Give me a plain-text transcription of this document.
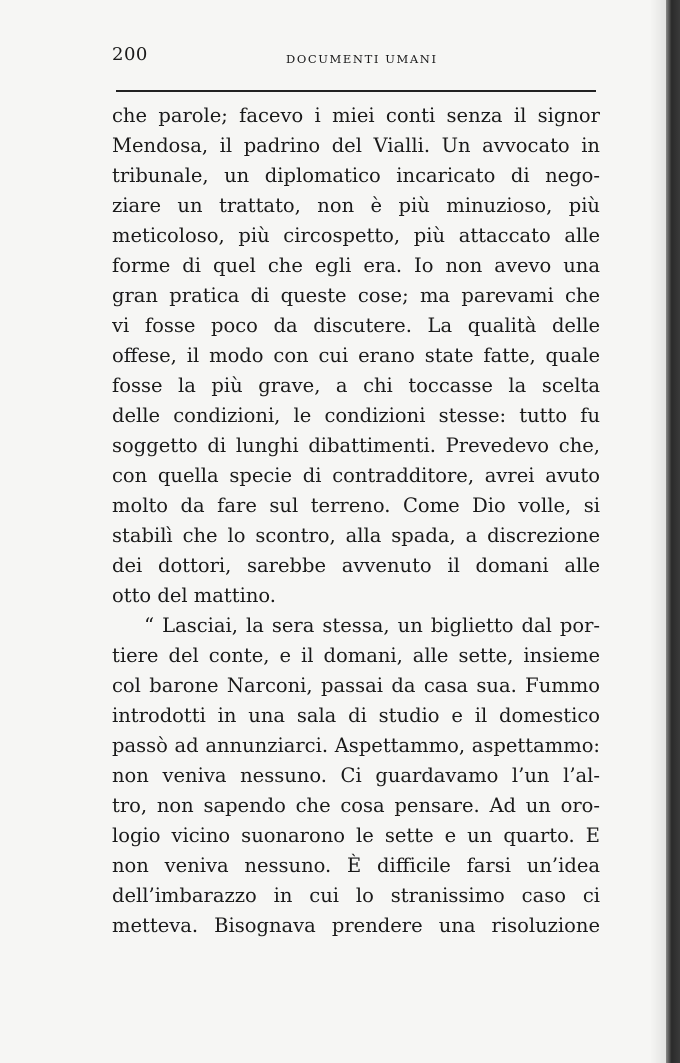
200	DOCUMENTI UMANI
che parole; facevo i miei conti senza il signor
Mendosa, il padrino del Vialli. Un avvocato in
tribunale, un diplomatico incaricato di nego-
ziare un trattato, non è più minuzioso, più
meticoloso, più circospetto, più attaccato alle
forme di quel che egli era. Io non avevo una
gran pratica di queste cose; ma parevami che
vi fosse poco da discutere. La qualità delle
offese, il modo con cui erano state fatte, quale
fosse la più grave, a chi toccasse la scelta
delle condizioni, le condizioni stesse: tutto fu
soggetto di lunghi dibattimenti. Prevedevo che,
con quella specie di contradditore, avrei avuto
molto da fare sul terreno. Come Dio volle, si
stabilì che lo scontro, alla spada, a discrezione
dei dottori, sarebbe avvenuto il domani alle
otto del mattino.
“ Lasciai, la sera stessa, un biglietto dal por-
tiere del conte, e il domani, alle sette, insieme
col barone Narconi, passai da casa sua. Fummo
introdotti in una sala di studio e il domestico
passò ad annunziarci. Aspettammo, aspettammo:
non veniva nessuno. Ci guardavamo l’un l’al-
tro, non sapendo che cosa pensare. Ad un oro-
logio vicino suonarono le sette e un quarto. E
non veniva nessuno. È difficile farsi un’idea
dell’imbarazzo in cui lo stranissimo caso ci
metteva. Bisognava prendere una risoluzione
